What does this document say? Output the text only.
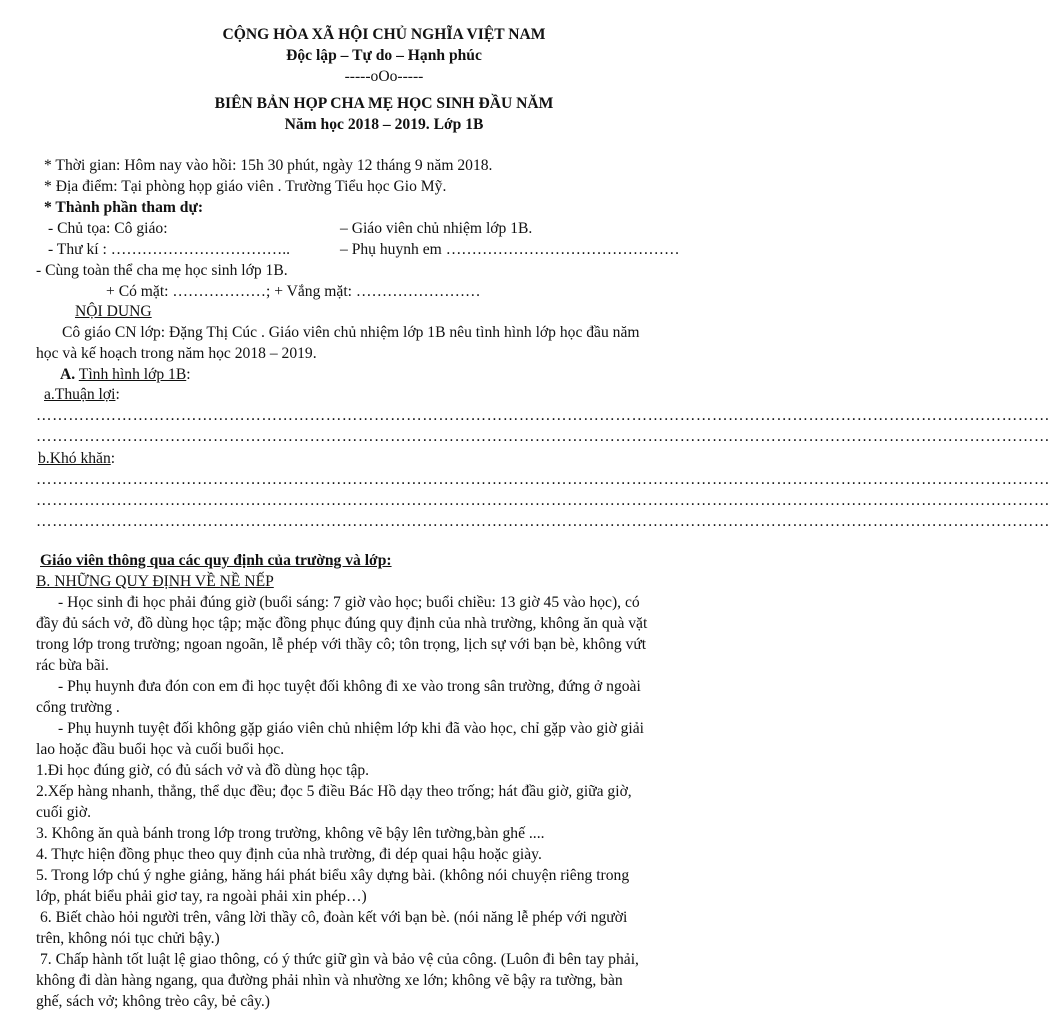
CỘNG HÒA XÃ HỘI CHỦ NGHĨA VIỆT NAM
Độc lập – Tự do – Hạnh phúc
-----oOo-----
BIÊN BẢN HỌP CHA MẸ HỌC SINH ĐẦU NĂM
Năm học 2018 – 2019. Lớp 1B
* Thời gian: Hôm nay vào hồi: 15h 30 phút, ngày 12 tháng 9 năm 2018.
* Địa điểm: Tại phòng họp giáo viên . Trường Tiểu học Gio Mỹ.
* Thành phần tham dự:
- Chủ tọa: Cô giáo:	– Giáo viên chủ nhiệm lớp 1B.
- Thư kí : ……………………………..	– Phụ huynh em ………………………………………
- Cùng toàn thể cha mẹ học sinh lớp 1B.
+ Có mặt: ………………; + Vắng mặt: ……………………
NỘI DUNG
Cô giáo CN lớp: Đặng Thị Cúc . Giáo viên chủ nhiệm lớp 1B nêu tình hình lớp học đầu năm
học và kế hoạch trong năm học 2018 – 2019.
A. Tình hình lớp 1B:
a.Thuận lợi:
………………………………………………………………………………………………………………………………………………………………………
………………………………………………………………………………………………………………………………………………………………………
b.Khó khăn:
………………………………………………………………………………………………………………………………………………………………………
………………………………………………………………………………………………………………………………………………………………………
………………………………………………………………………………………………………………………………………………………………………
Giáo viên thông qua các quy định của trường và lớp:
B. NHỮNG QUY ĐỊNH VỀ NỀ NẾP
- Học sinh đi học phải đúng giờ (buổi sáng: 7 giờ vào học; buổi chiều: 13 giờ 45 vào học), có
đầy đủ sách vở, đồ dùng học tập; mặc đồng phục đúng quy định của nhà trường, không ăn quà vặt
trong lớp trong trường; ngoan ngoãn, lễ phép với thầy cô; tôn trọng, lịch sự với bạn bè, không vứt
rác bừa bãi.
- Phụ huynh đưa đón con em đi học tuyệt đối không đi xe vào trong sân trường, đứng ở ngoài
cổng trường .
- Phụ huynh tuyệt đối không gặp giáo viên chủ nhiệm lớp khi đã vào học, chỉ gặp vào giờ giải
lao hoặc đầu buổi học và cuối buổi học.
1.Đi học đúng giờ, có đủ sách vở và đồ dùng học tập.
2.Xếp hàng nhanh, thẳng, thể dục đều; đọc 5 điều Bác Hồ dạy theo trống; hát đầu giờ, giữa giờ,
cuối giờ.
3. Không ăn quà bánh trong lớp trong trường, không vẽ bậy lên tường,bàn ghế ....
4. Thực hiện đồng phục theo quy định của nhà trường, đi dép quai hậu hoặc giày.
5. Trong lớp chú ý nghe giảng, hăng hái phát biểu xây dựng bài. (không nói chuyện riêng trong
lớp, phát biểu phải giơ tay, ra ngoài phải xin phép…)
6. Biết chào hỏi người trên, vâng lời thầy cô, đoàn kết với bạn bè. (nói năng lễ phép với người
trên, không nói tục chửi bậy.)
7. Chấp hành tốt luật lệ giao thông, có ý thức giữ gìn và bảo vệ của công. (Luôn đi bên tay phải,
không đi dàn hàng ngang, qua đường phải nhìn và nhường xe lớn; không vẽ bậy ra tường, bàn
ghế, sách vở; không trèo cây, bẻ cây.)
